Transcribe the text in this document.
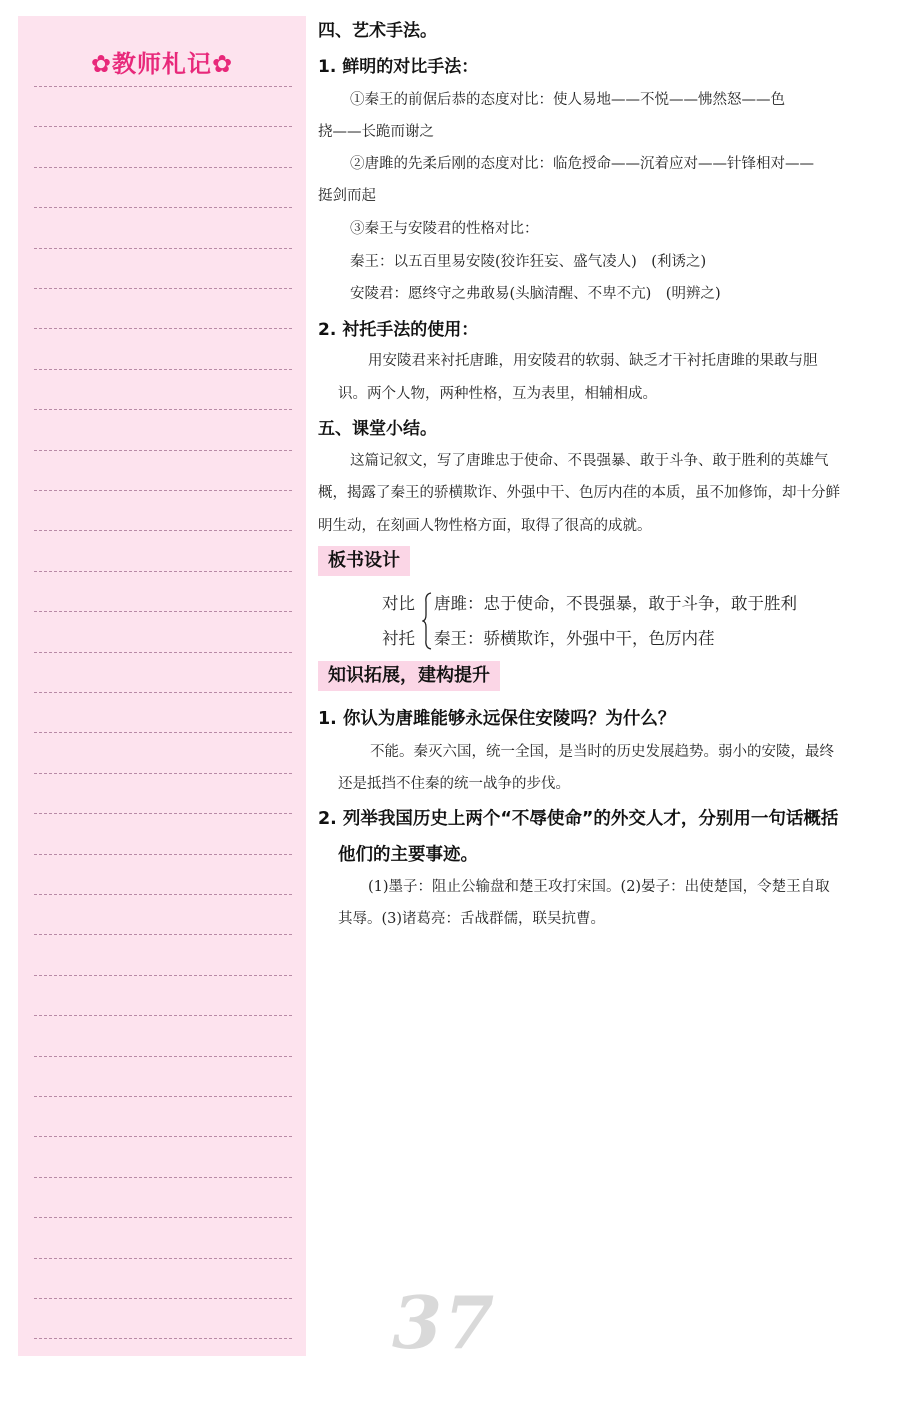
✿教师札记✿
四、艺术手法。
1. 鲜明的对比手法：
①秦王的前倨后恭的态度对比：使人易地——不悦——怫然怒——色
挠——长跪而谢之
②唐雎的先柔后刚的态度对比：临危授命——沉着应对——针锋相对——
挺剑而起
③秦王与安陵君的性格对比：
秦王：以五百里易安陵(狡诈狂妄、盛气凌人)　(利诱之)
安陵君：愿终守之弗敢易(头脑清醒、不卑不亢)　(明辨之)
2. 衬托手法的使用：
用安陵君来衬托唐雎，用安陵君的软弱、缺乏才干衬托唐雎的果敢与胆
识。两个人物，两种性格，互为表里，相辅相成。
五、课堂小结。
这篇记叙文，写了唐雎忠于使命、不畏强暴、敢于斗争、敢于胜利的英雄气
概，揭露了秦王的骄横欺诈、外强中干、色厉内荏的本质，虽不加修饰，却十分鲜
明生动，在刻画人物性格方面，取得了很高的成就。
板书设计
对比
衬托
唐雎：忠于使命，不畏强暴，敢于斗争，敢于胜利
秦王：骄横欺诈，外强中干，色厉内荏
知识拓展，建构提升
1. 你认为唐雎能够永远保住安陵吗？为什么？
不能。秦灭六国，统一全国，是当时的历史发展趋势。弱小的安陵，最终
还是抵挡不住秦的统一战争的步伐。
2. 列举我国历史上两个“不辱使命”的外交人才，分别用一句话概括
他们的主要事迹。
(1)墨子：阻止公输盘和楚王攻打宋国。(2)晏子：出使楚国，令楚王自取
其辱。(3)诸葛亮：舌战群儒，联吴抗曹。
37
